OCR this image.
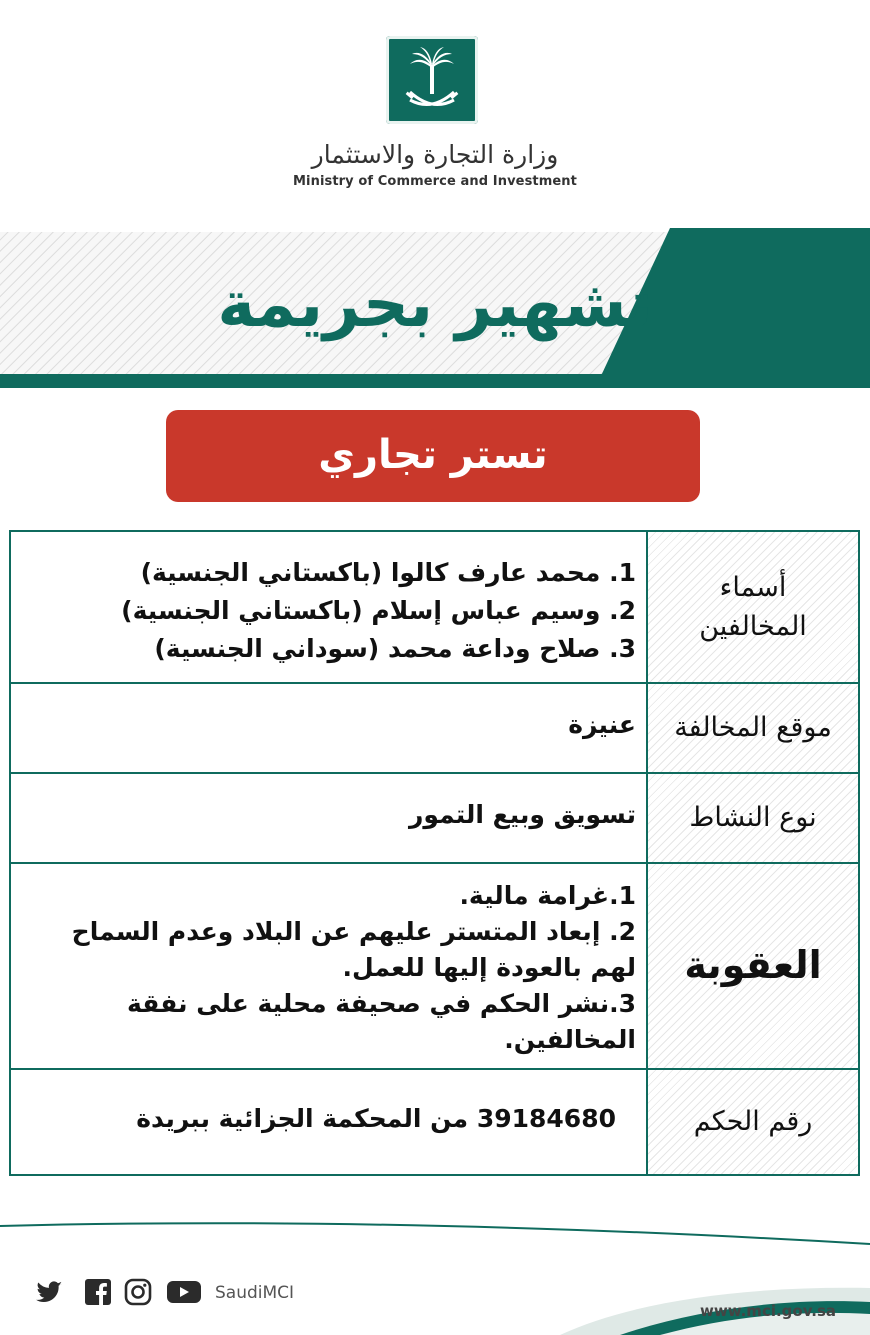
وزارة التجارة والاستثمار
Ministry of Commerce and Investment
تشهير بجريمة
تستر تجاري
أسماء
المخالفين
1. محمد عارف كالوا (باكستاني الجنسية)
2. وسيم عباس إسلام (باكستاني الجنسية)
3. صلاح وداعة محمد (سوداني الجنسية)
موقع المخالفة
عنيزة
نوع النشاط
تسويق وبيع التمور
العقوبة
1.غرامة مالية.
2. إبعاد المتستر عليهم عن البلاد وعدم السماح
لهم بالعودة إليها للعمل.
3.نشر الحكم في صحيفة محلية على نفقة
المخالفين.
رقم الحكم
39184680 من المحكمة الجزائية ببريدة
SaudiMCI
www.mci.gov.sa
